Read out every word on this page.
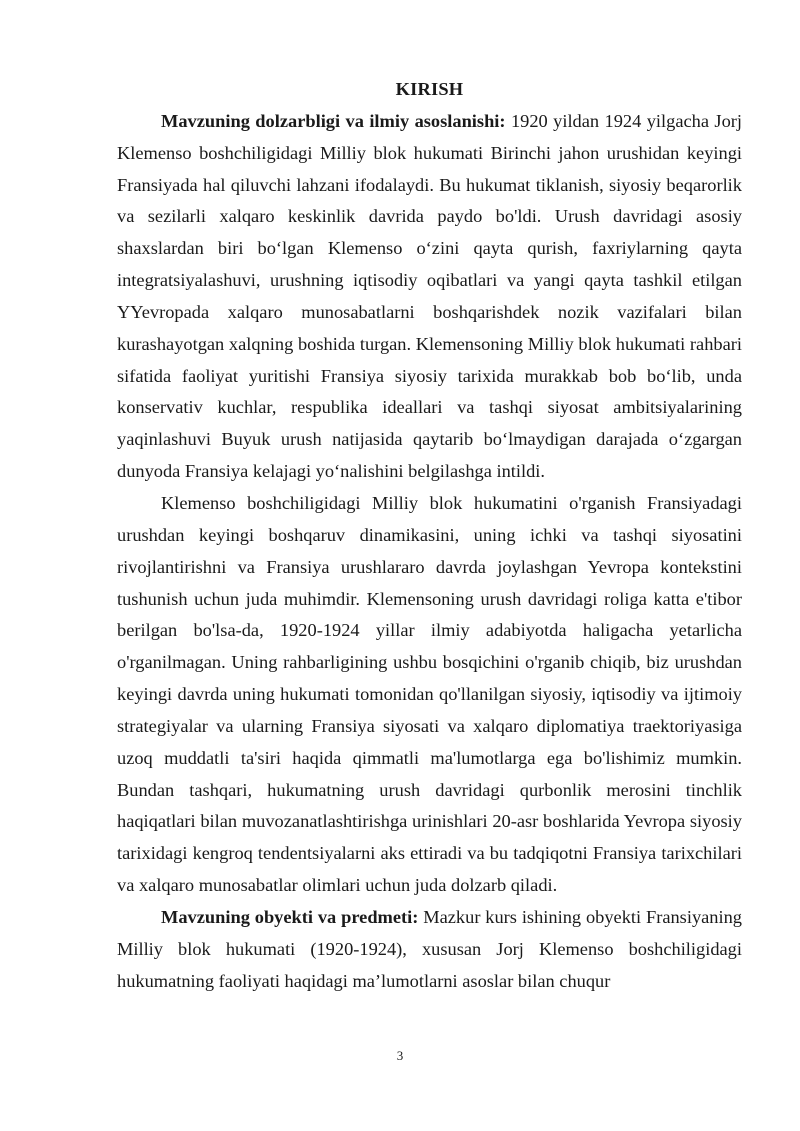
KIRISH

Mavzuning dolzarbligi va ilmiy asoslanishi: 1920 yildan 1924 yilgacha Jorj Klemenso boshchiligidagi Milliy blok hukumati Birinchi jahon urushidan keyingi Fransiyada hal qiluvchi lahzani ifodalaydi. Bu hukumat tiklanish, siyosiy beqarorlik va sezilarli xalqaro keskinlik davrida paydo bo'ldi. Urush davridagi asosiy shaxslardan biri bo‘lgan Klemenso o‘zini qayta qurish, faxriylarning qayta integratsiyalashuvi, urushning iqtisodiy oqibatlari va yangi qayta tashkil etilgan YYevropada xalqaro munosabatlarni boshqarishdek nozik vazifalari bilan kurashayotgan xalqning boshida turgan. Klemensoning Milliy blok hukumati rahbari sifatida faoliyat yuritishi Fransiya siyosiy tarixida murakkab bob bo‘lib, unda konservativ kuchlar, respublika ideallari va tashqi siyosat ambitsiyalarining yaqinlashuvi Buyuk urush natijasida qaytarib bo‘lmaydigan darajada o‘zgargan dunyoda Fransiya kelajagi yo‘nalishini belgilashga intildi.

Klemenso boshchiligidagi Milliy blok hukumatini o'rganish Fransiyadagi urushdan keyingi boshqaruv dinamikasini, uning ichki va tashqi siyosatini rivojlantirishni va Fransiya urushlararo davrda joylashgan Yevropa kontekstini tushunish uchun juda muhimdir. Klemensoning urush davridagi roliga katta e'tibor berilgan bo'lsa-da, 1920-1924 yillar ilmiy adabiyotda haligacha yetarlicha o'rganilmagan. Uning rahbarligining ushbu bosqichini o'rganib chiqib, biz urushdan keyingi davrda uning hukumati tomonidan qo'llanilgan siyosiy, iqtisodiy va ijtimoiy strategiyalar va ularning Fransiya siyosati va xalqaro diplomatiya traektoriyasiga uzoq muddatli ta'siri haqida qimmatli ma'lumotlarga ega bo'lishimiz mumkin. Bundan tashqari, hukumatning urush davridagi qurbonlik merosini tinchlik haqiqatlari bilan muvozanatlashtirishga urinishlari 20-asr boshlarida Yevropa siyosiy tarixidagi kengroq tendentsiyalarni aks ettiradi va bu tadqiqotni Fransiya tarixchilari va xalqaro munosabatlar olimlari uchun juda dolzarb qiladi.

Mavzuning obyekti va predmeti: Mazkur kurs ishining obyekti Fransiyaning Milliy blok hukumati (1920-1924), xususan Jorj Klemenso boshchiligidagi hukumatning faoliyati haqidagi ma’lumotlarni asoslar bilan chuqur

3
